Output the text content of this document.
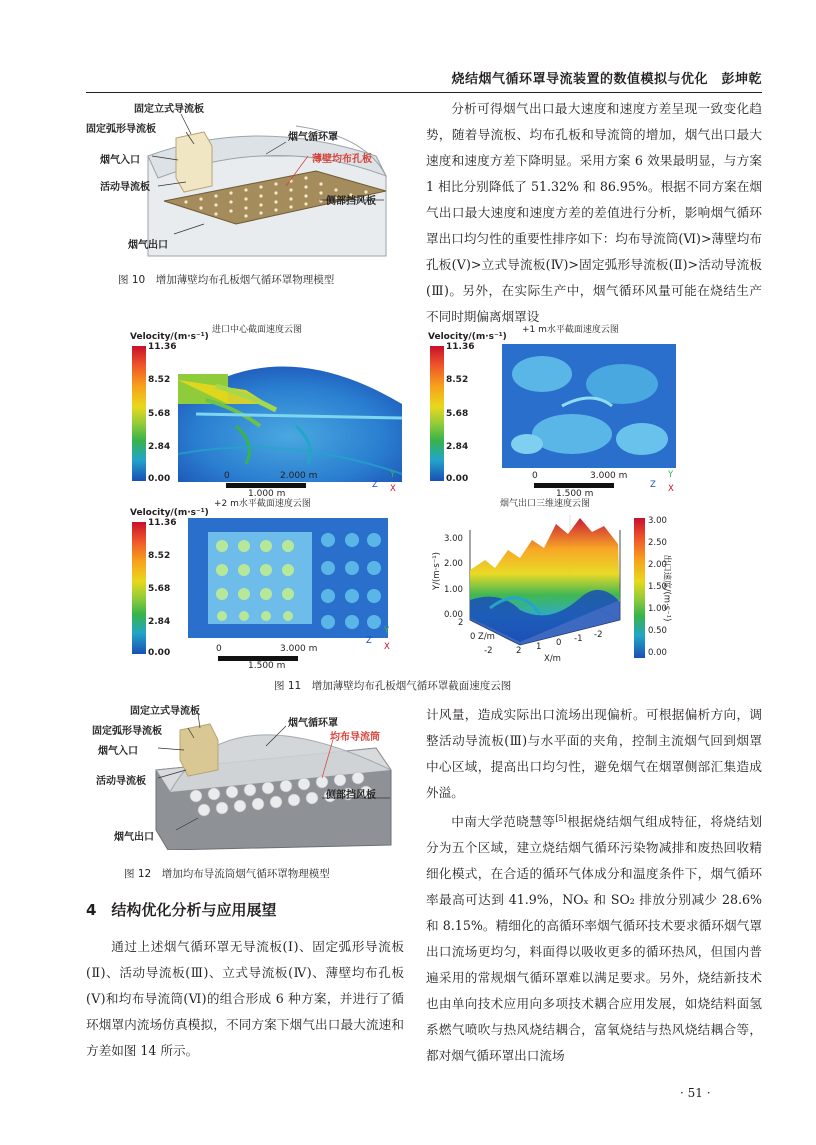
烧结烟气循环罩导流装置的数值模拟与优化　彭坤乾
固定立式导流板
固定弧形导流板
烟气入口
活动导流板
烟气循环罩
薄壁均布孔板
侧部挡风板
烟气出口
图 10　增加薄壁均布孔板烟气循环罩物理模型

分析可得烟气出口最大速度和速度方差呈现一致变化趋势，随着导流板、均布孔板和导流筒的增加，烟气出口最大速度和速度方差下降明显。采用方案 6 效果最明显，与方案 1 相比分别降低了 51.32% 和 86.95%。根据不同方案在烟气出口最大速度和速度方差的差值进行分析，影响烟气循环罩出口均匀性的重要性排序如下：均布导流筒(Ⅵ)>薄壁均布孔板(Ⅴ)>立式导流板(Ⅳ)>固定弧形导流板(Ⅱ)>活动导流板(Ⅲ)。另外，在实际生产中，烟气循环风量可能在烧结生产不同时期偏离烟罩设

Velocity/(m·s⁻¹)
11.36
8.52
5.68
2.84
0.00
进口中心截面速度云图
0	2.000 m
1.000 m
Z
Y
X
Velocity/(m·s⁻¹)
11.36
8.52
5.68
2.84
0.00
+1 m水平截面速度云图
0	3.000 m
1.500 m
Z
Y
X
+2 m水平截面速度云图
Velocity/(m·s⁻¹)
11.36
8.52
5.68
2.84
0.00	0	3.000 m
1.500 m
Z
Y
X
烟气出口三维速度云图
3.00
2.00
1.00
0.00
Y/(m·s⁻¹)
2
0
-2
Z/m
2 1 0 -1 -2
X/m
3.00
2.50
2.00
1.50
1.00
0.50
0.00
出口速度/(m·s⁻¹)
图 11　增加薄壁均布孔板烟气循环罩截面速度云图
固定立式导流板
固定弧形导流板
烟气入口
活动导流板
烟气循环罩
均布导流筒
侧部挡风板
烟气出口
图 12　增加均布导流筒烟气循环罩物理模型
4　结构优化分析与应用展望

通过上述烟气循环罩无导流板(Ⅰ)、固定弧形导流板(Ⅱ)、活动导流板(Ⅲ)、立式导流板(Ⅳ)、薄壁均布孔板(Ⅴ)和均布导流筒(Ⅵ)的组合形成 6 种方案，并进行了循环烟罩内流场仿真模拟，不同方案下烟气出口最大流速和方差如图 14 所示。

计风量，造成实际出口流场出现偏析。可根据偏析方向，调整活动导流板(Ⅲ)与水平面的夹角，控制主流烟气回到烟罩中心区域，提高出口均匀性，避免烟气在烟罩侧部汇集造成外溢。

中南大学范晓慧等[5]根据烧结烟气组成特征，将烧结划分为五个区域，建立烧结烟气循环污染物减排和废热回收精细化模式，在合适的循环气体成分和温度条件下，烟气循环率最高可达到 41.9%，NOₓ 和 SO₂ 排放分别减少 28.6% 和 8.15%。精细化的高循环率烟气循环技术要求循环烟气罩出口流场更均匀，料面得以吸收更多的循环热风，但国内普遍采用的常规烟气循环罩难以满足要求。另外，烧结新技术也由单向技术应用向多项技术耦合应用发展，如烧结料面氢系燃气喷吹与热风烧结耦合，富氧烧结与热风烧结耦合等，都对烟气循环罩出口流场

· 51 ·
